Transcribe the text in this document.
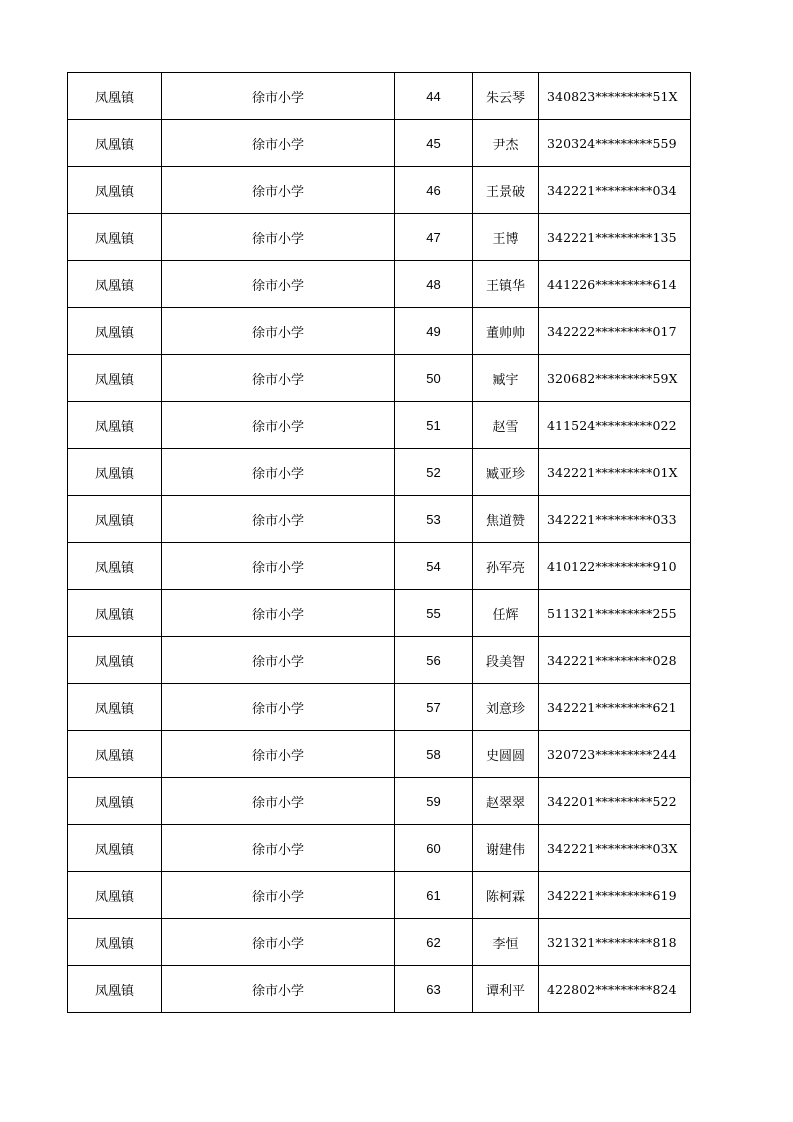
凤凰镇	徐市小学	44	朱云琴	340823*********51X
凤凰镇	徐市小学	45	尹杰	320324*********559
凤凰镇	徐市小学	46	王景破	342221*********034
凤凰镇	徐市小学	47	王博	342221*********135
凤凰镇	徐市小学	48	王镇华	441226*********614
凤凰镇	徐市小学	49	董帅帅	342222*********017
凤凰镇	徐市小学	50	臧宇	320682*********59X
凤凰镇	徐市小学	51	赵雪	411524*********022
凤凰镇	徐市小学	52	臧亚珍	342221*********01X
凤凰镇	徐市小学	53	焦道赞	342221*********033
凤凰镇	徐市小学	54	孙军亮	410122*********910
凤凰镇	徐市小学	55	任辉	511321*********255
凤凰镇	徐市小学	56	段美智	342221*********028
凤凰镇	徐市小学	57	刘意珍	342221*********621
凤凰镇	徐市小学	58	史圆圆	320723*********244
凤凰镇	徐市小学	59	赵翠翠	342201*********522
凤凰镇	徐市小学	60	谢建伟	342221*********03X
凤凰镇	徐市小学	61	陈柯霖	342221*********619
凤凰镇	徐市小学	62	李恒	321321*********818
凤凰镇	徐市小学	63	谭利平	422802*********824
